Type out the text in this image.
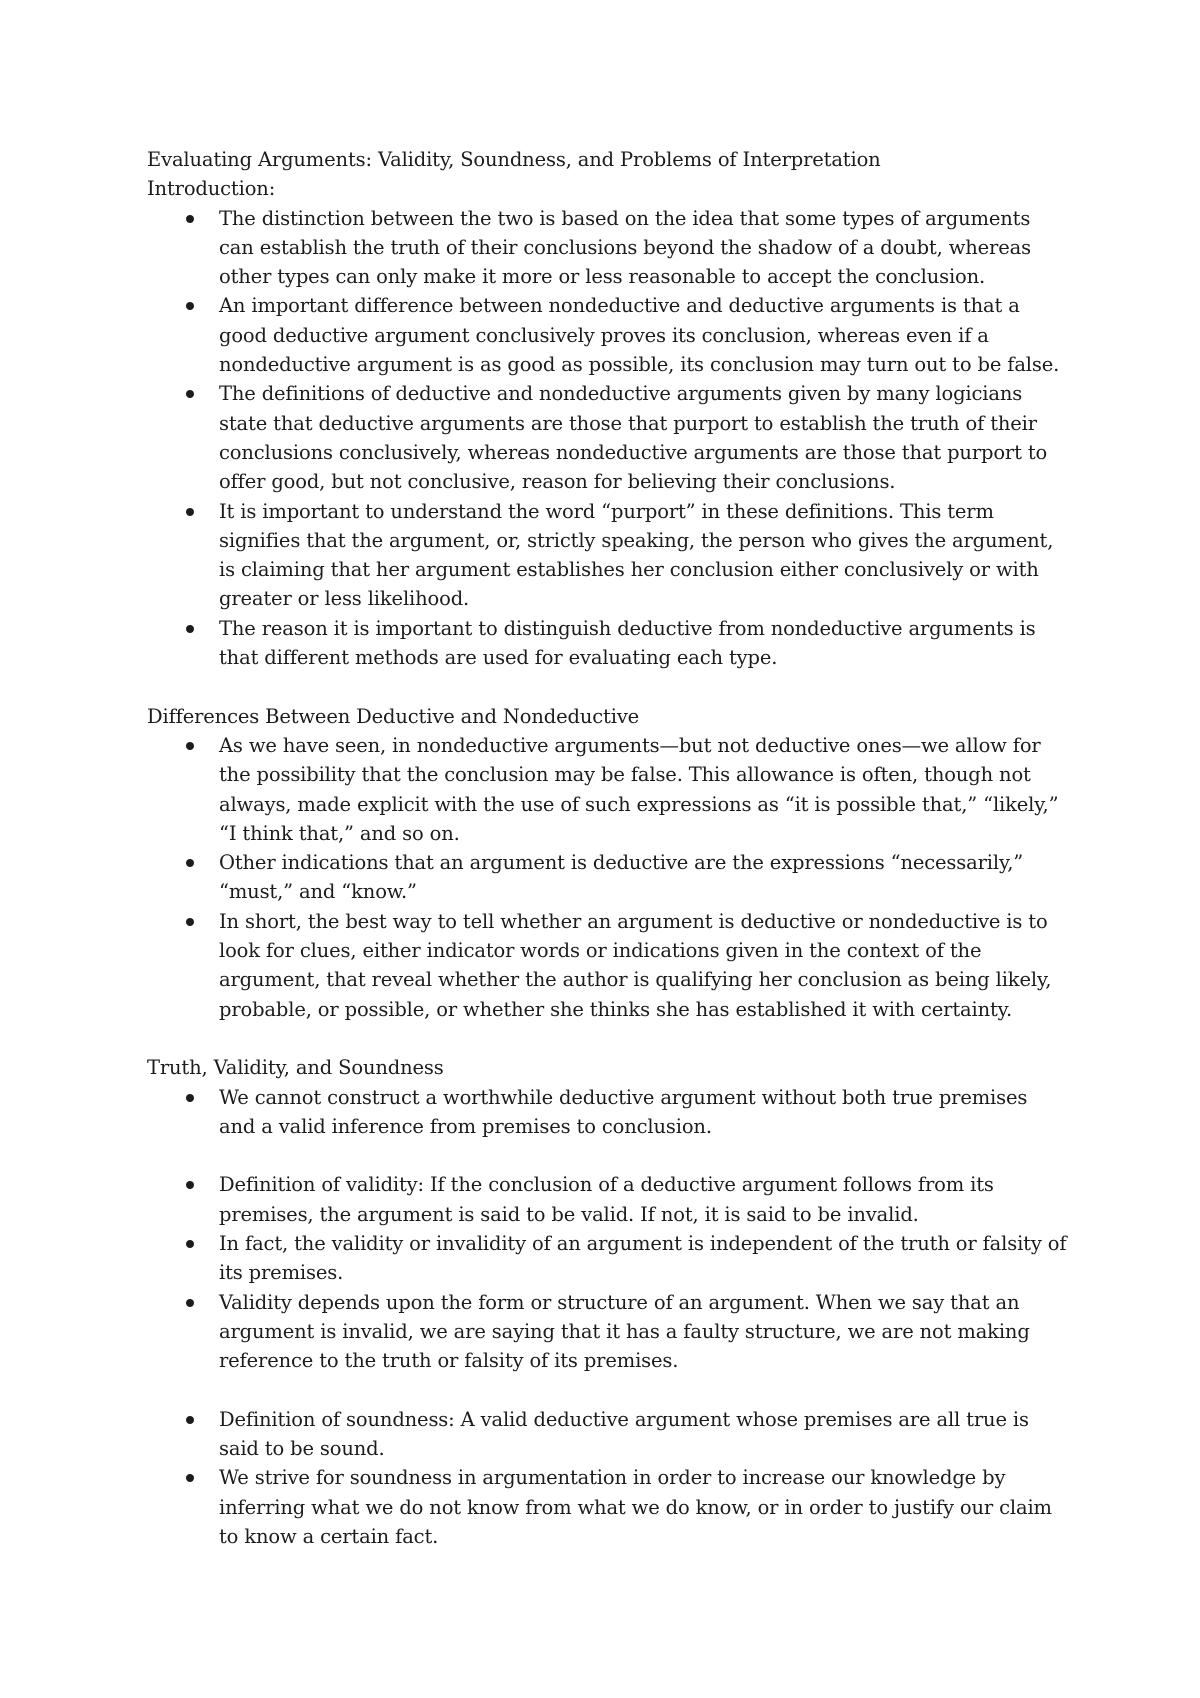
Evaluating Arguments: Validity, Soundness, and Problems of Interpretation

Introduction:

The distinction between the two is based on the idea that some types of arguments can establish the truth of their conclusions beyond the shadow of a doubt, whereas other types can only make it more or less reasonable to accept the conclusion.
An important difference between nondeductive and deductive arguments is that a good deductive argument conclusively proves its conclusion, whereas even if a nondeductive argument is as good as possible, its conclusion may turn out to be false.
The definitions of deductive and nondeductive arguments given by many logicians state that deductive arguments are those that purport to establish the truth of their conclusions conclusively, whereas nondeductive arguments are those that purport to offer good, but not conclusive, reason for believing their conclusions.
It is important to understand the word “purport” in these definitions. This term signifies that the argument, or, strictly speaking, the person who gives the argument, is claiming that her argument establishes her conclusion either conclusively or with greater or less likelihood.
The reason it is important to distinguish deductive from nondeductive arguments is that different methods are used for evaluating each type.

Differences Between Deductive and Nondeductive

As we have seen, in nondeductive arguments—but not deductive ones—we allow for the possibility that the conclusion may be false. This allowance is often, though not always, made explicit with the use of such expressions as “it is possible that,” “likely,” “I think that,” and so on.
Other indications that an argument is deductive are the expressions “necessarily,” “must,” and “know.”
In short, the best way to tell whether an argument is deductive or nondeductive is to look for clues, either indicator words or indications given in the context of the argument, that reveal whether the author is qualifying her conclusion as being likely, probable, or possible, or whether she thinks she has established it with certainty.

Truth, Validity, and Soundness

We cannot construct a worthwhile deductive argument without both true premises and a valid inference from premises to conclusion.
Definition of validity: If the conclusion of a deductive argument follows from its premises, the argument is said to be valid. If not, it is said to be invalid.
In fact, the validity or invalidity of an argument is independent of the truth or falsity of its premises.
Validity depends upon the form or structure of an argument. When we say that an argument is invalid, we are saying that it has a faulty structure, we are not making reference to the truth or falsity of its premises.
Definition of soundness: A valid deductive argument whose premises are all true is said to be sound.
We strive for soundness in argumentation in order to increase our knowledge by inferring what we do not know from what we do know, or in order to justify our claim to know a certain fact.
